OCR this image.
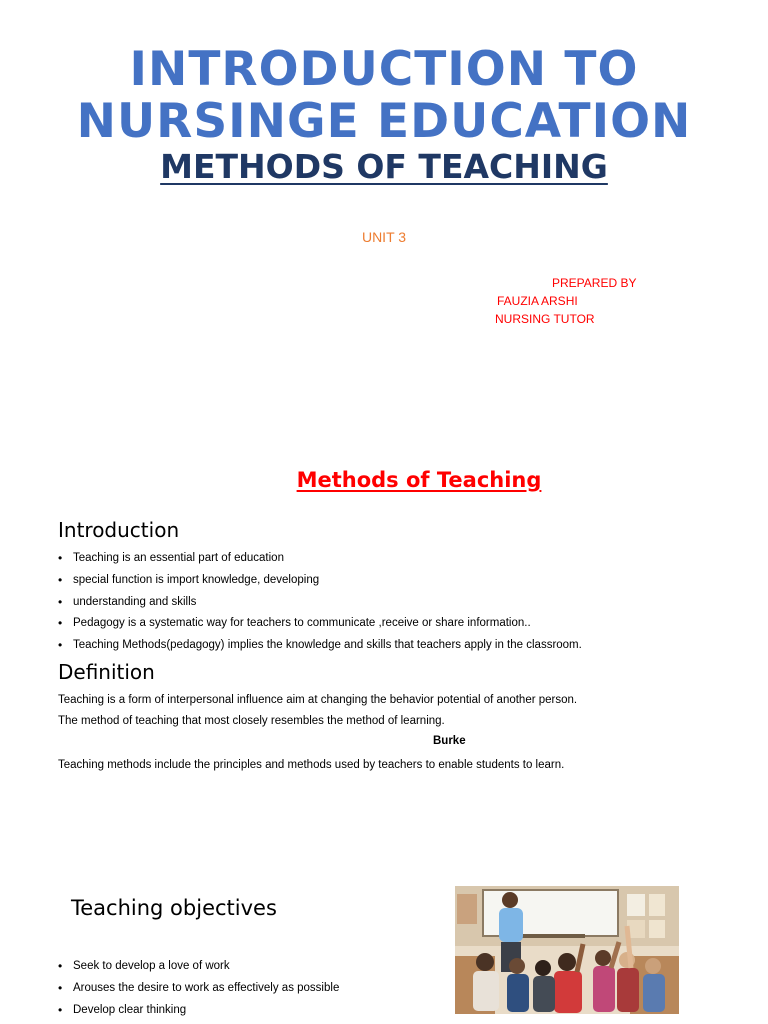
INTRODUCTION TO
NURSINGE EDUCATION
METHODS OF TEACHING
UNIT 3
PREPARED BY
FAUZIA ARSHI
NURSING TUTOR
Methods of Teaching
Introduction
• Teaching is an essential part of education
• special function is import knowledge, developing
• understanding and skills
• Pedagogy is a systematic way for teachers to communicate ,receive or share information..
• Teaching Methods(pedagogy) implies the knowledge and skills that teachers apply in the classroom.
Definition
Teaching is a form of interpersonal influence aim at changing the behavior potential of another person.
The method of teaching that most closely resembles the method of learning.
Burke
Teaching methods include the principles and methods used by teachers to enable students to learn.
Teaching objectives
• Seek to develop a love of work
• Arouses the desire to work as effectively as possible
• Develop clear thinking
